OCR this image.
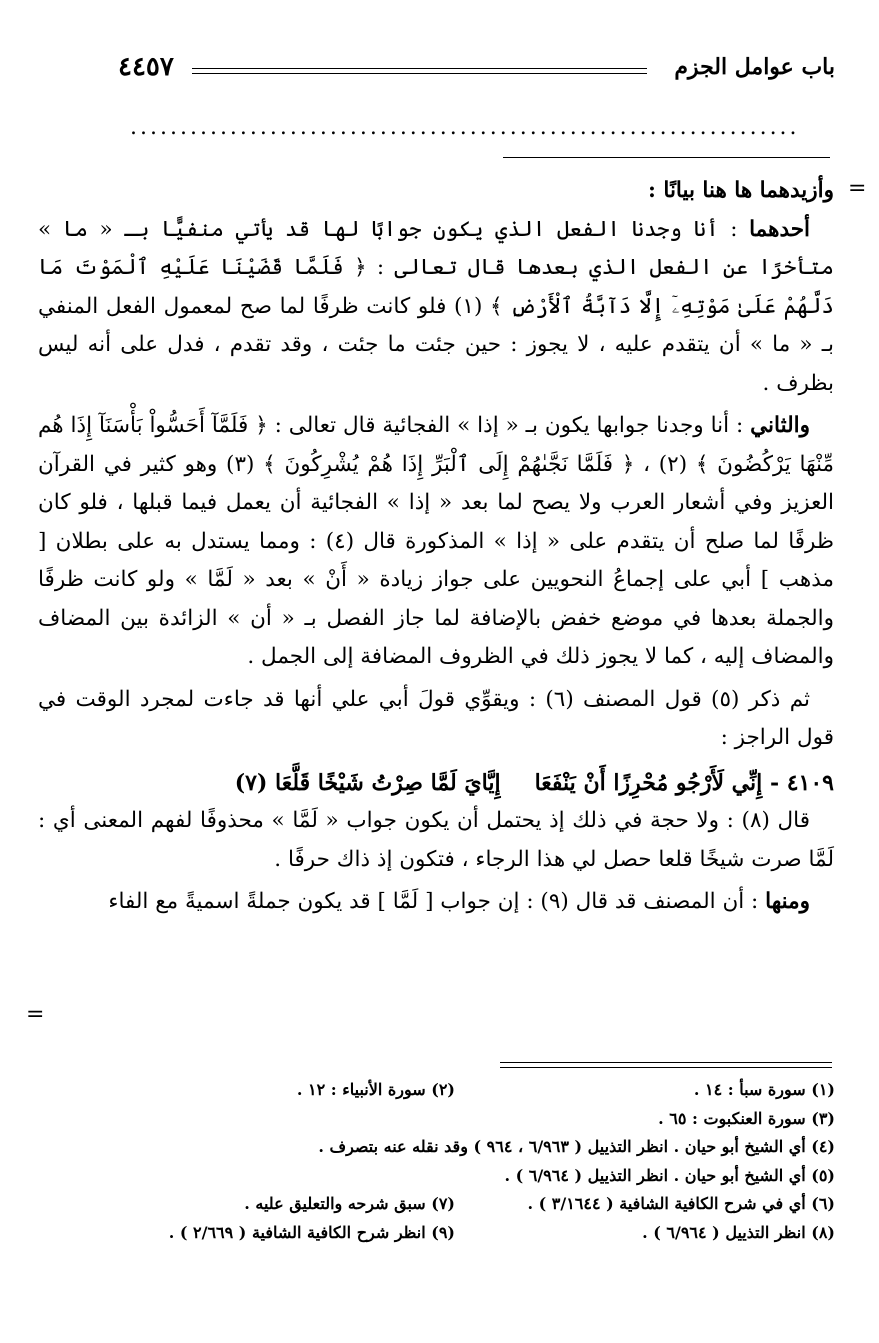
باب عوامل الجزم
٤٤٥٧
...................................................................
=
=

وأزيدهما ها هنا بيانًا :

أحدهما : أنا وجدنا الفعل الذي يكون جوابًا لها قد يأتي منفيًّا بـ « ما » متأخرًا عن الفعل الذي بعدها قال تعالى : ﴿ فَلَمَّا قَضَيْنَا عَلَيْهِ ٱلْمَوْتَ مَا دَلَّهُمْ عَلَىٰ مَوْتِهِۦٓ إِلَّا دَآبَّةُ ٱلْأَرْضِ ﴾ (١) فلو كانت ظرفًا لما صح لمعمول الفعل المنفي بـ « ما » أن يتقدم عليه ، لا يجوز : حين جئت ما جئت ، وقد تقدم ، فدل على أنه ليس بظرف .

والثاني : أنا وجدنا جوابها يكون بـ « إذا » الفجائية قال تعالى : ﴿ فَلَمَّآ أَحَسُّواْ بَأْسَنَآ إِذَا هُم مِّنْهَا يَرْكُضُونَ ﴾ (٢) ، ﴿ فَلَمَّا نَجَّىٰهُمْ إِلَى ٱلْبَرِّ إِذَا هُمْ يُشْرِكُونَ ﴾ (٣) وهو كثير في القرآن العزيز وفي أشعار العرب ولا يصح لما بعد « إذا » الفجائية أن يعمل فيما قبلها ، فلو كان ظرفًا لما صلح أن يتقدم على « إذا » المذكورة قال (٤) : ومما يستدل به على بطلان [ مذهب ] أبي على إجماعُ النحويين على جواز زيادة « أَنْ » بعد « لَمَّا » ولو كانت ظرفًا والجملة بعدها في موضع خفض بالإضافة لما جاز الفصل بـ « أن » الزائدة بين المضاف والمضاف إليه ، كما لا يجوز ذلك في الظروف المضافة إلى الجمل .

ثم ذكر (٥) قول المصنف (٦) : ويقوِّي قولَ أبي علي أنها قد جاءت لمجرد الوقت في قول الراجز :

٤١٠٩ - إِنِّي لَأَرْجُو مُحْرِزًا أَنْ يَنْفَعَاإِيَّايَ لَمَّا صِرْتُ شَيْخًا قَلَّعَا (٧)

قال (٨) : ولا حجة في ذلك إذ يحتمل أن يكون جواب « لَمَّا » محذوفًا لفهم المعنى أي : لَمَّا صرت شيخًا قلعا حصل لي هذا الرجاء ، فتكون إذ ذاك حرفًا .

ومنها : أن المصنف قد قال (٩) : إن جواب [ لَمَّا ] قد يكون جملةً اسميةً مع الفاء

(١) سورة سبأ : ١٤ .
(٢) سورة الأنبياء : ١٢ .
(٣) سورة العنكبوت : ٦٥ .
(٤) أي الشيخ أبو حيان . انظر التذييل ( ٦/٩٦٣ ، ٩٦٤ ) وقد نقله عنه بتصرف .
(٥) أي الشيخ أبو حيان . انظر التذييل ( ٦/٩٦٤ ) .
(٦) أي في شرح الكافية الشافية ( ٣/١٦٤٤ ) .
(٧) سبق شرحه والتعليق عليه .
(٨) انظر التذييل ( ٦/٩٦٤ ) .
(٩) انظر شرح الكافية الشافية ( ٢/٦٦٩ ) .
